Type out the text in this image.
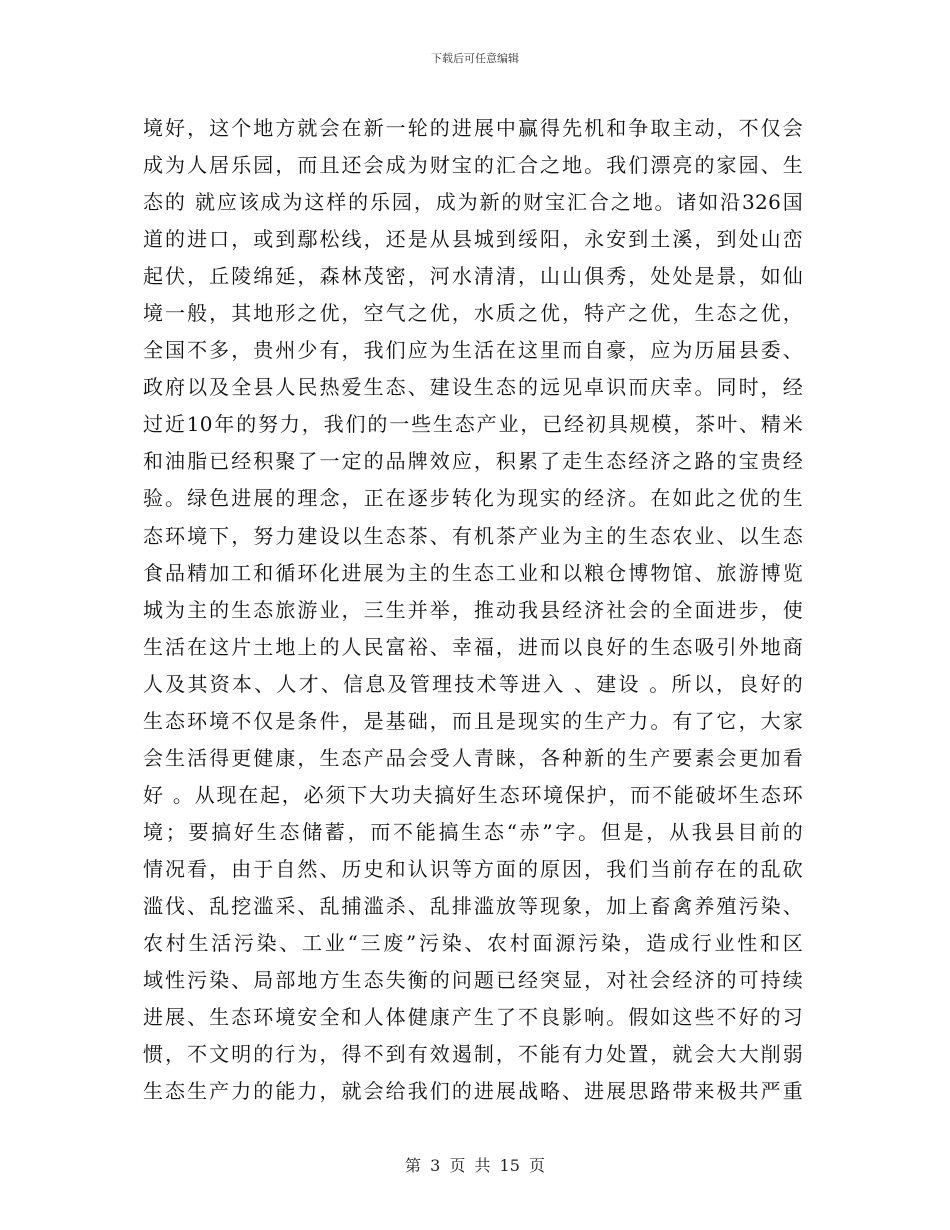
下载后可任意编辑
境好，这个地方就会在新一轮的进展中赢得先机和争取主动，不仅会
成为人居乐园，而且还会成为财宝的汇合之地。我们漂亮的家园、生
态的 就应该成为这样的乐园，成为新的财宝汇合之地。诸如沿326国
道的进口，或到鄢松线，还是从县城到绥阳，永安到土溪，到处山峦
起伏，丘陵绵延，森林茂密，河水清清，山山俱秀，处处是景，如仙
境一般，其地形之优，空气之优，水质之优，特产之优，生态之优，
全国不多，贵州少有，我们应为生活在这里而自豪，应为历届县委、
政府以及全县人民热爱生态、建设生态的远见卓识而庆幸。同时，经
过近10年的努力，我们的一些生态产业，已经初具规模，茶叶、精米
和油脂已经积聚了一定的品牌效应，积累了走生态经济之路的宝贵经
验。绿色进展的理念，正在逐步转化为现实的经济。在如此之优的生
态环境下，努力建设以生态茶、有机茶产业为主的生态农业、以生态
食品精加工和循环化进展为主的生态工业和以粮仓博物馆、旅游博览
城为主的生态旅游业，三生并举，推动我县经济社会的全面进步，使
生活在这片土地上的人民富裕、幸福，进而以良好的生态吸引外地商
人及其资本、人才、信息及管理技术等进入 、建设 。所以，良好的
生态环境不仅是条件，是基础，而且是现实的生产力。有了它，大家
会生活得更健康，生态产品会受人青睐，各种新的生产要素会更加看
好 。从现在起，必须下大功夫搞好生态环境保护，而不能破坏生态环
境；要搞好生态储蓄，而不能搞生态“赤”字。但是，从我县目前的
情况看，由于自然、历史和认识等方面的原因，我们当前存在的乱砍
滥伐、乱挖滥采、乱捕滥杀、乱排滥放等现象，加上畜禽养殖污染、
农村生活污染、工业“三废”污染、农村面源污染，造成行业性和区
域性污染、局部地方生态失衡的问题已经突显，对社会经济的可持续
进展、生态环境安全和人体健康产生了不良影响。假如这些不好的习
惯，不文明的行为，得不到有效遏制，不能有力处置，就会大大削弱
生态生产力的能力，就会给我们的进展战略、进展思路带来极共严重
第 3 页 共 15 页
